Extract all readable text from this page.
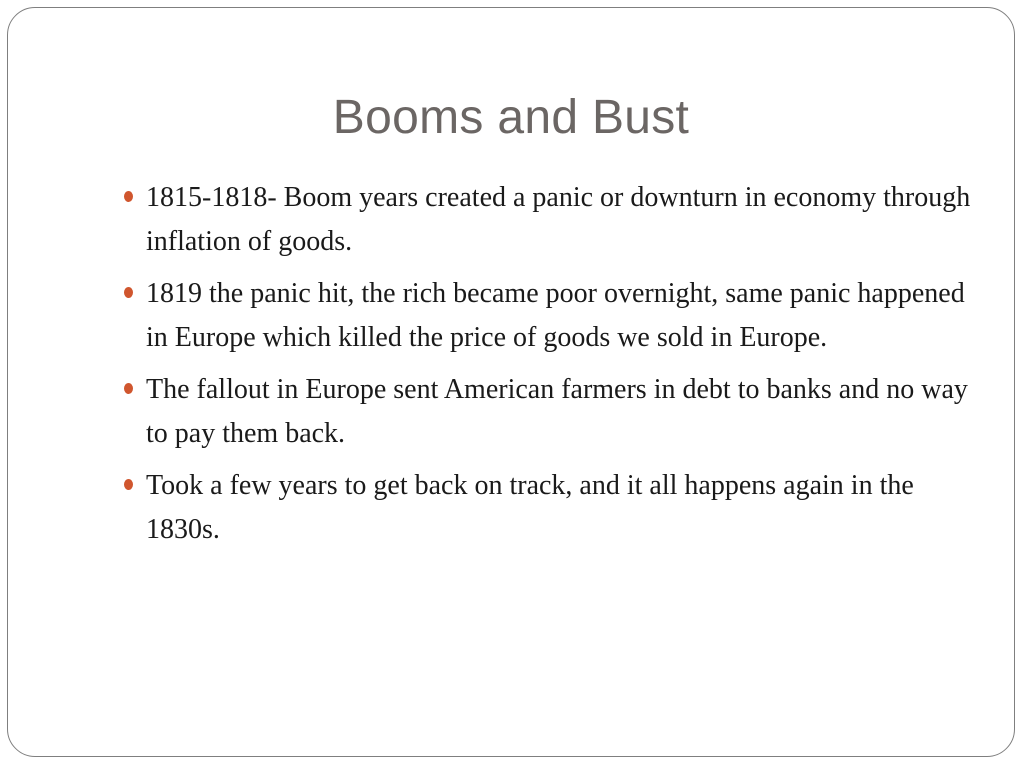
Booms and Bust
1815-1818- Boom years created a panic or downturn in economy through inflation of goods.
1819 the panic hit, the rich became poor overnight, same panic happened in Europe which killed the price of goods we sold in Europe.
The fallout in Europe sent American farmers in debt to banks and no way to pay them back.
Took a few years to get back on track, and it all happens again in the 1830s.
